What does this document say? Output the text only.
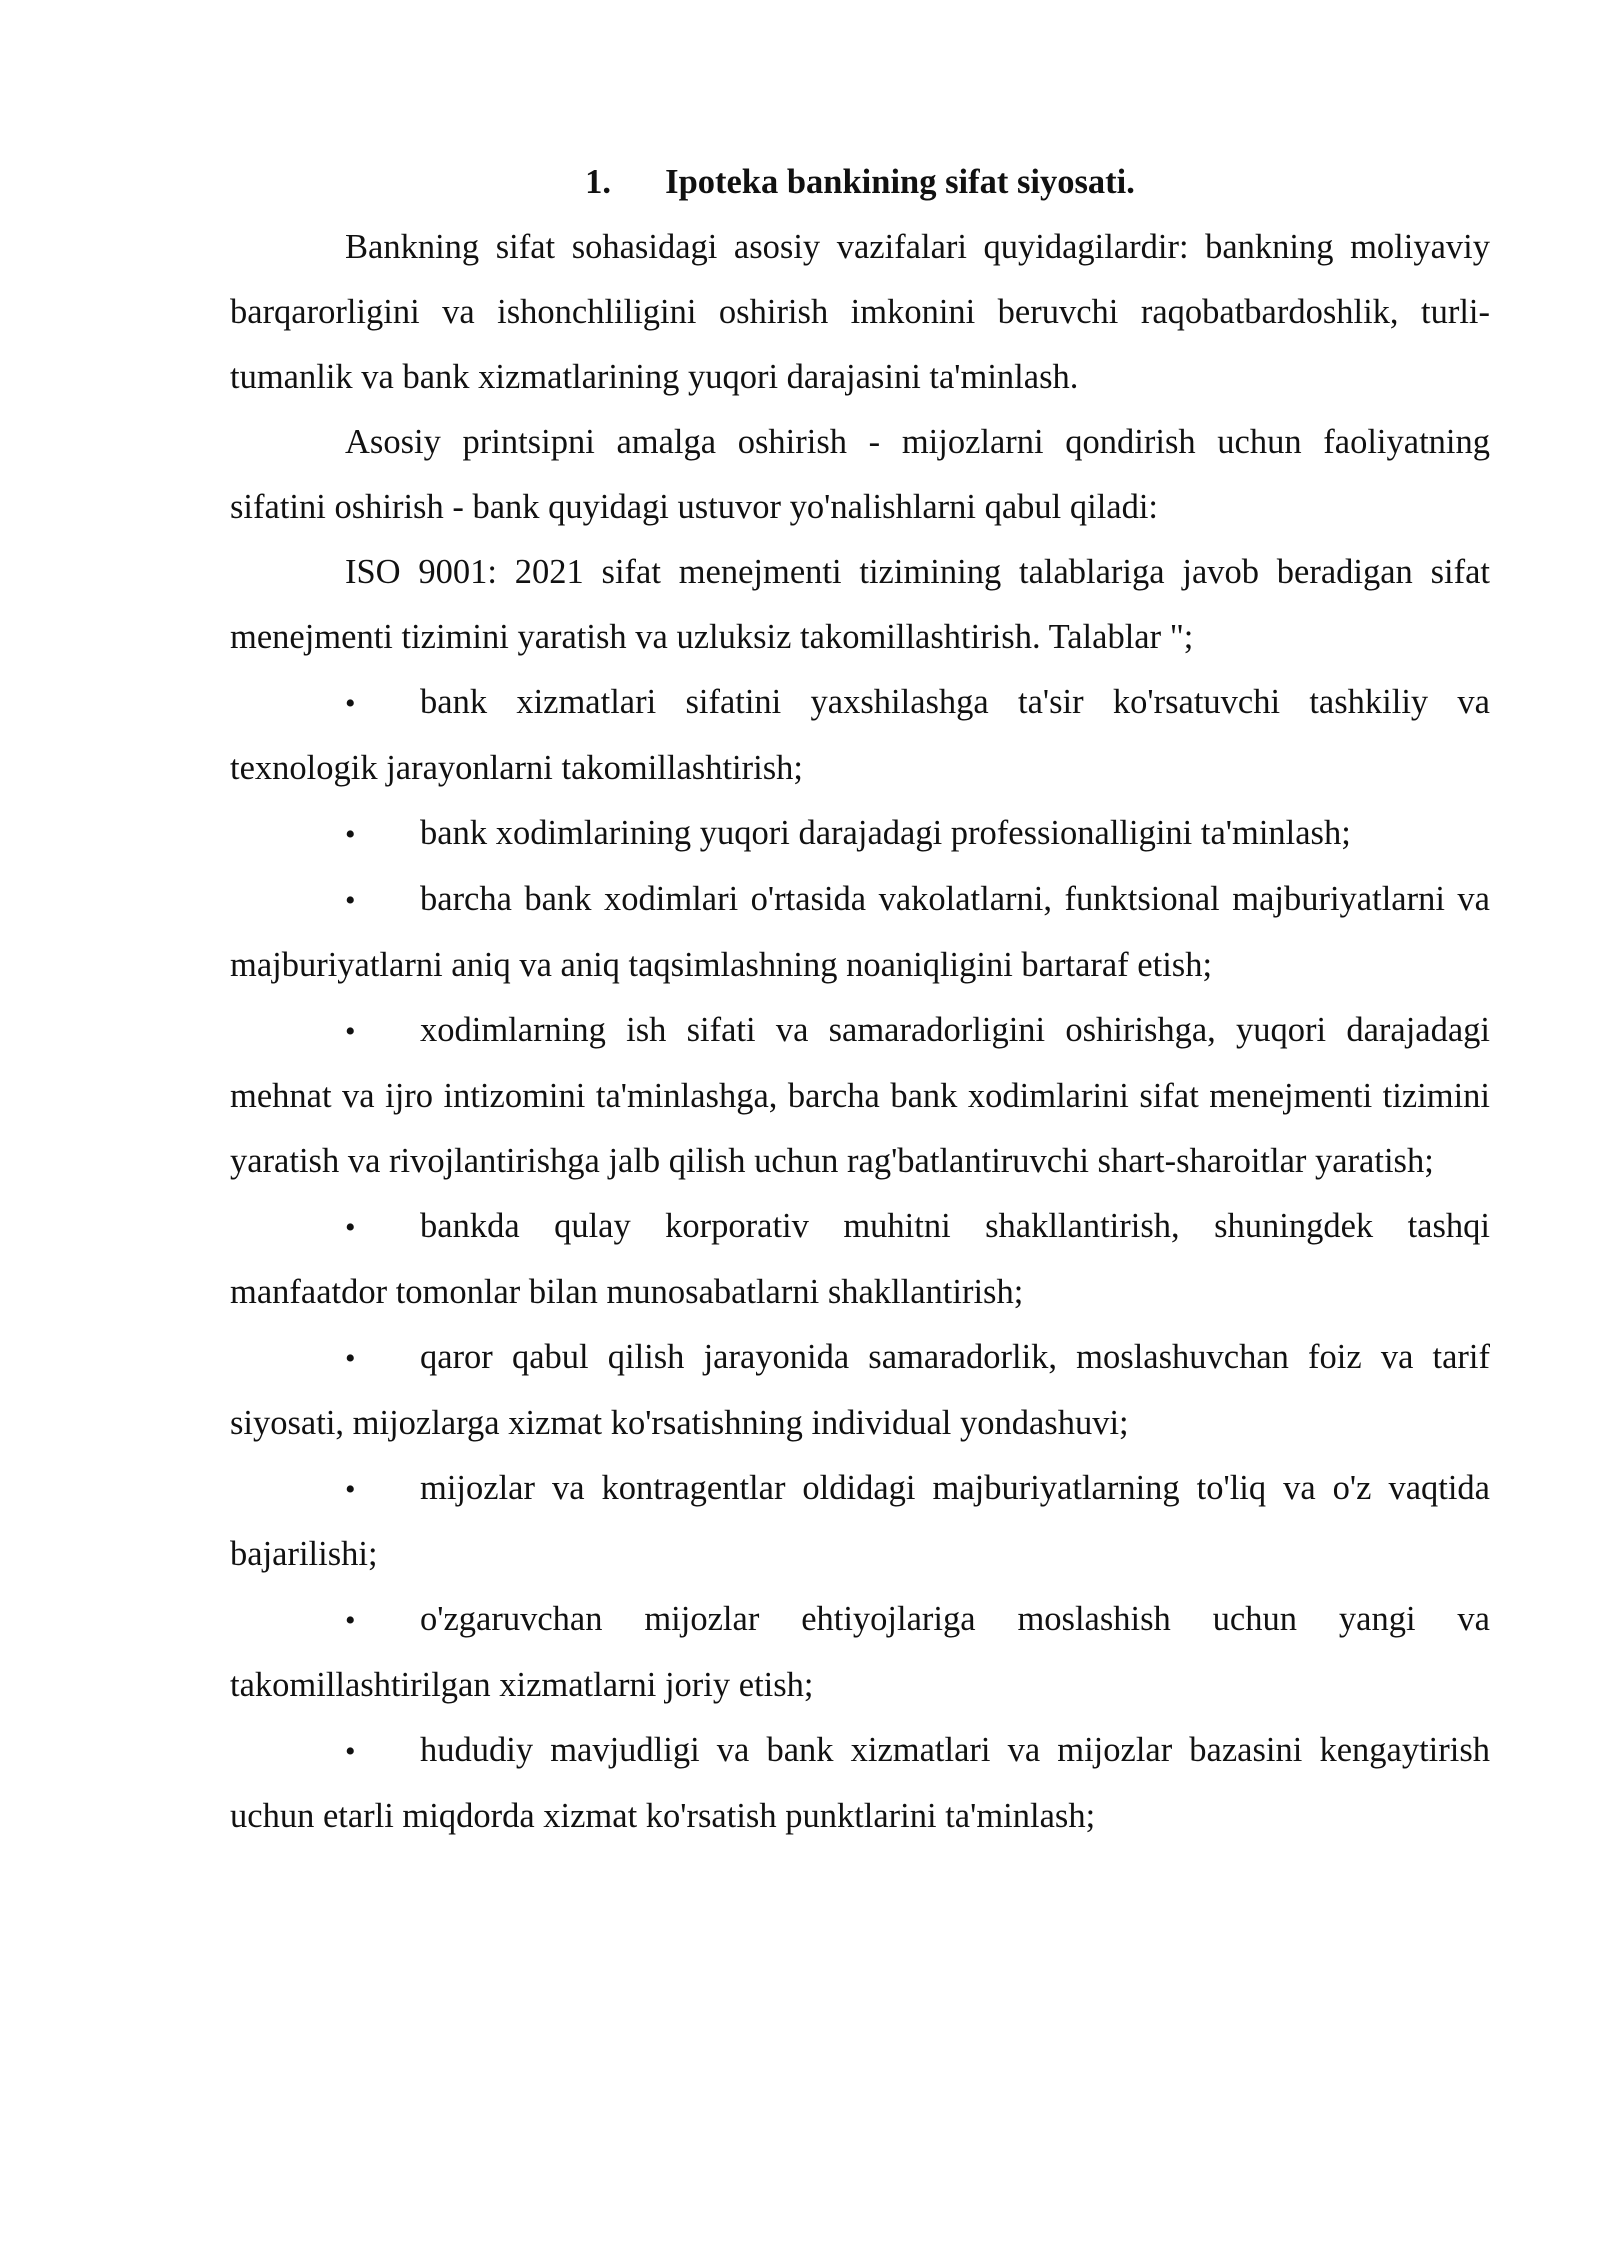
1. Ipoteka bankining sifat siyosati.

Bankning sifat sohasidagi asosiy vazifalari quyidagilardir: bankning moliyaviy barqarorligini va ishonchliligini oshirish imkonini beruvchi raqobatbardoshlik, turli-tumanlik va bank xizmatlarining yuqori darajasini ta'minlash.

Asosiy printsipni amalga oshirish - mijozlarni qondirish uchun faoliyatning sifatini oshirish - bank quyidagi ustuvor yo'nalishlarni qabul qiladi:

ISO 9001: 2021 sifat menejmenti tizimining talablariga javob beradigan sifat menejmenti tizimini yaratish va uzluksiz takomillashtirish. Talablar ";

• bank xizmatlari sifatini yaxshilashga ta'sir ko'rsatuvchi tashkiliy va texnologik jarayonlarni takomillashtirish;

• bank xodimlarining yuqori darajadagi professionalligini ta'minlash;

• barcha bank xodimlari o'rtasida vakolatlarni, funktsional majburiyatlarni va majburiyatlarni aniq va aniq taqsimlashning noaniqligini bartaraf etish;

• xodimlarning ish sifati va samaradorligini oshirishga, yuqori darajadagi mehnat va ijro intizomini ta'minlashga, barcha bank xodimlarini sifat menejmenti tizimini yaratish va rivojlantirishga jalb qilish uchun rag'batlantiruvchi shart-sharoitlar yaratish;

• bankda qulay korporativ muhitni shakllantirish, shuningdek tashqi manfaatdor tomonlar bilan munosabatlarni shakllantirish;

• qaror qabul qilish jarayonida samaradorlik, moslashuvchan foiz va tarif siyosati, mijozlarga xizmat ko'rsatishning individual yondashuvi;

• mijozlar va kontragentlar oldidagi majburiyatlarning to'liq va o'z vaqtida bajarilishi;

• o'zgaruvchan mijozlar ehtiyojlariga moslashish uchun yangi va takomillashtirilgan xizmatlarni joriy etish;

• hududiy mavjudligi va bank xizmatlari va mijozlar bazasini kengaytirish uchun etarli miqdorda xizmat ko'rsatish punktlarini ta'minlash;
